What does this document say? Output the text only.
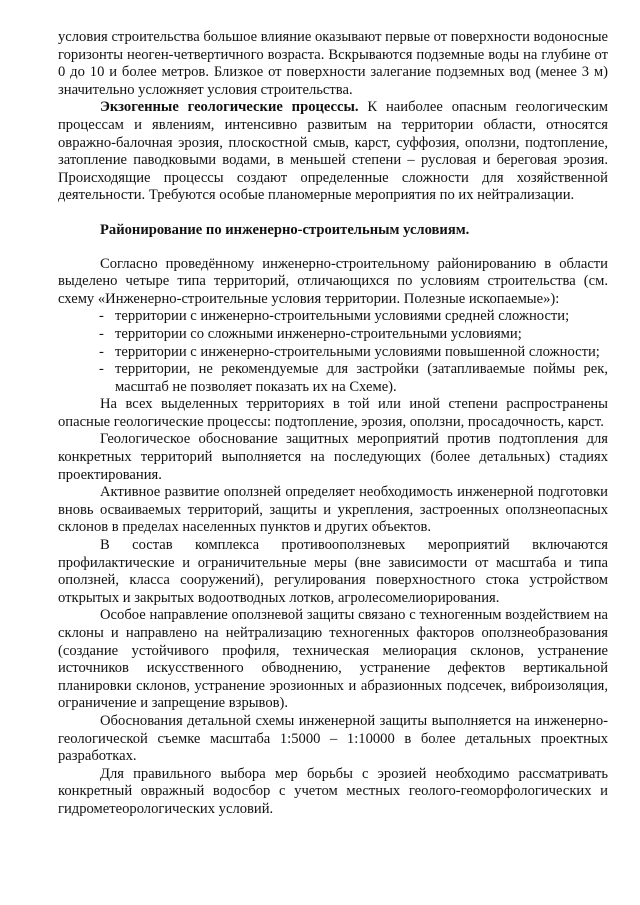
условия строительства большое влияние оказывают первые от поверхности водоносные горизонты неоген-четвертичного возраста. Вскрываются подземные воды на глубине от 0 до 10 и более метров. Близкое от поверхности залегание подземных вод (менее 3 м) значительно усложняет условия строительства.

Экзогенные геологические процессы. К наиболее опасным геологическим процессам и явлениям, интенсивно развитым на территории области, относятся овражно-балочная эрозия, плоскостной смыв, карст, суффозия, оползни, подтопление, затопление паводковыми водами, в меньшей степени – русловая и береговая эрозия. Происходящие процессы создают определенные сложности для хозяйственной деятельности. Требуются особые планомерные мероприятия по их нейтрализации.

Районирование по инженерно-строительным условиям.

Согласно проведённому инженерно-строительному районированию в области выделено четыре типа территорий, отличающихся по условиям строительства (см. схему «Инженерно-строительные условия территории. Полезные ископаемые»):

- территории с инженерно-строительными условиями средней сложности;
- территории со сложными инженерно-строительными условиями;
- территории с инженерно-строительными условиями повышенной сложности;
- территории, не рекомендуемые для застройки (затапливаемые поймы рек, масштаб не позволяет показать их на Схеме).

На всех выделенных территориях в той или иной степени распространены опасные геологические процессы: подтопление, эрозия, оползни, просадочность, карст.

Геологическое обоснование защитных мероприятий против подтопления для конкретных территорий выполняется на последующих (более детальных) стадиях проектирования.

Активное развитие оползней определяет необходимость инженерной подготовки вновь осваиваемых территорий, защиты и укрепления, застроенных оползнеопасных склонов в пределах населенных пунктов и других объектов.

В состав комплекса противооползневых мероприятий включаются профилактические и ограничительные меры (вне зависимости от масштаба и типа оползней, класса сооружений), регулирования поверхностного стока устройством открытых и закрытых водоотводных лотков, агролесомелиорирования.

Особое направление оползневой защиты связано с техногенным воздействием на склоны и направлено на нейтрализацию техногенных факторов оползнеобразования (создание устойчивого профиля, техническая мелиорация склонов, устранение источников искусственного обводнению, устранение дефектов вертикальной планировки склонов, устранение эрозионных и абразионных подсечек, виброизоляция, ограничение и запрещение взрывов).

Обоснования детальной схемы инженерной защиты выполняется на инженерно-геологической съемке масштаба 1:5000 – 1:10000 в более детальных проектных разработках.

Для правильного выбора мер борьбы с эрозией необходимо рассматривать конкретный овражный водосбор с учетом местных геолого-геоморфологических и гидрометеорологических условий.
